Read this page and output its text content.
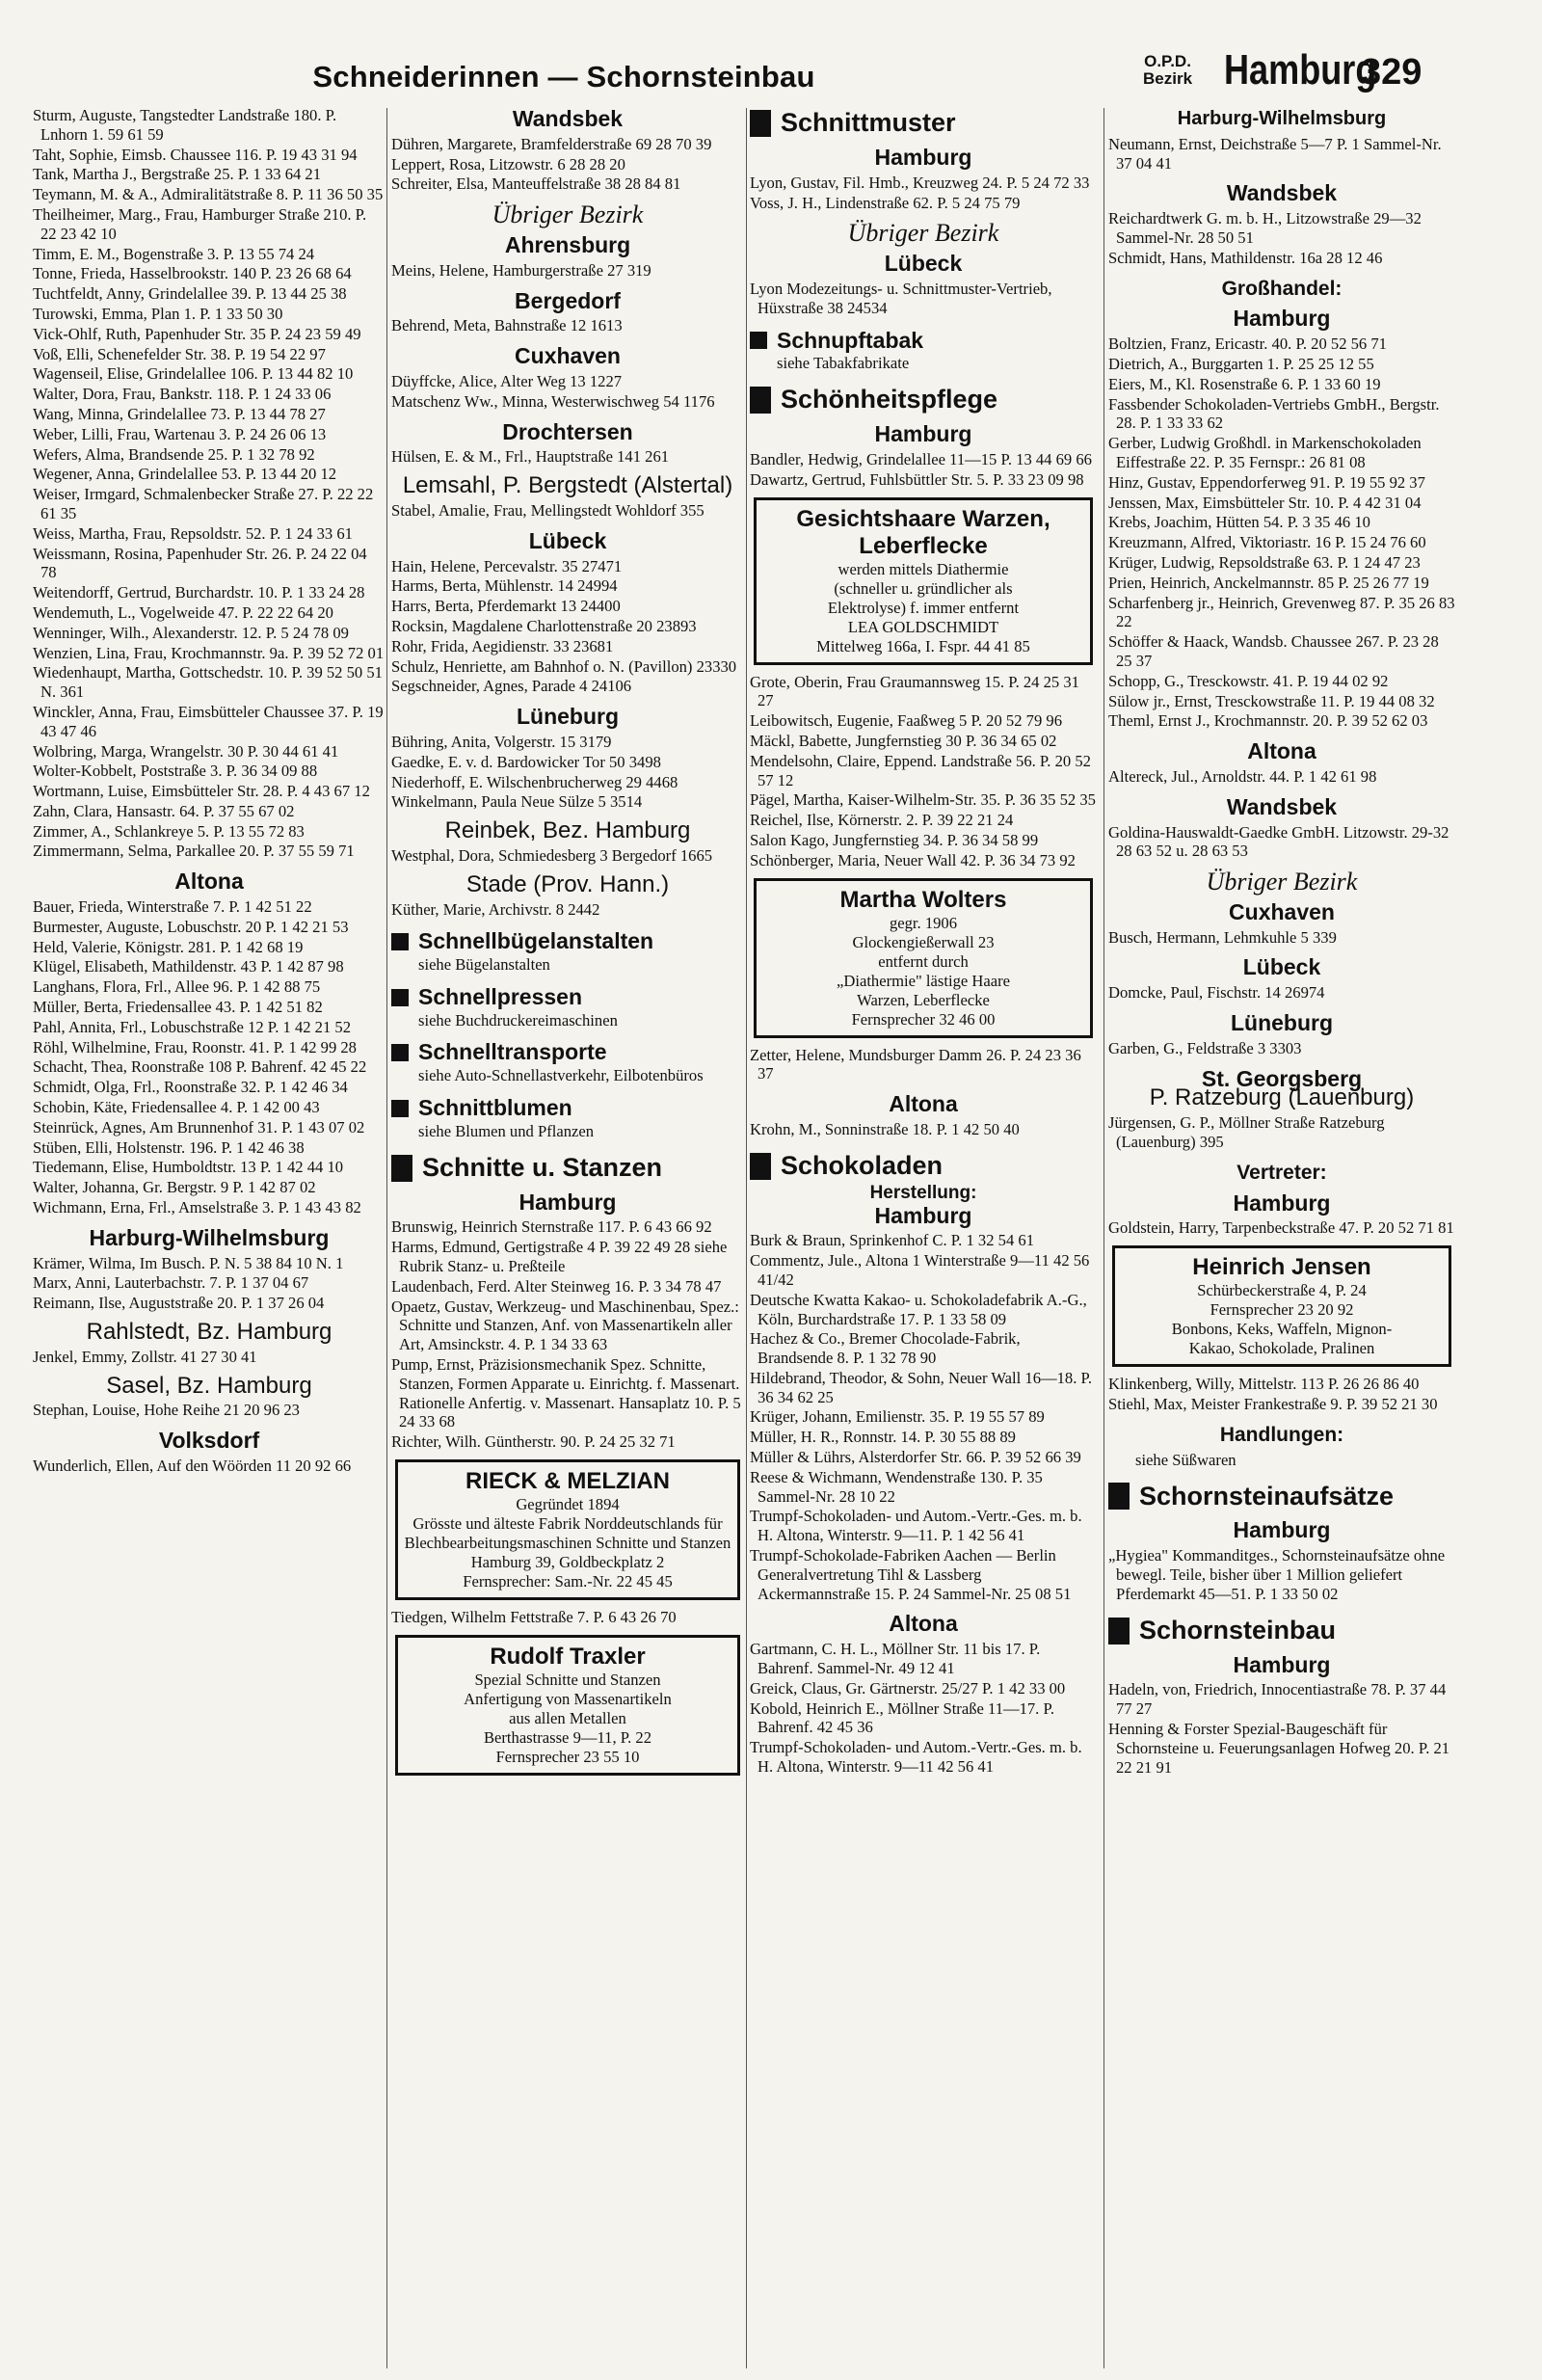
Schneiderinnen — Schornsteinbau	O.P.D.
Bezirk Hamburg
329
Sturm, Auguste, Tangstedter Landstraße 180. P. Lnhorn 1. 59 61 59
Taht, Sophie, Eimsb. Chaussee 116. P. 19 43 31 94
Tank, Martha J., Bergstraße 25. P. 1 33 64 21
Teymann, M. & A., Admiralitätstraße 8. P. 11 36 50 35
Theilheimer, Marg., Frau, Hamburger Straße 210. P. 22 23 42 10
Timm, E. M., Bogenstraße 3. P. 13 55 74 24
Tonne, Frieda, Hasselbrookstr. 140 P. 23 26 68 64
Tuchtfeldt, Anny, Grindelallee 39. P. 13 44 25 38
Turowski, Emma, Plan 1. P. 1 33 50 30
Vick-Ohlf, Ruth, Papenhuder Str. 35 P. 24 23 59 49
Voß, Elli, Schenefelder Str. 38. P. 19 54 22 97
Wagenseil, Elise, Grindelallee 106. P. 13 44 82 10
Walter, Dora, Frau, Bankstr. 118. P. 1 24 33 06
Wang, Minna, Grindelallee 73. P. 13 44 78 27
Weber, Lilli, Frau, Wartenau 3. P. 24 26 06 13
Wefers, Alma, Brandsende 25. P. 1 32 78 92
Wegener, Anna, Grindelallee 53. P. 13 44 20 12
Weiser, Irmgard, Schmalenbecker Straße 27. P. 22 22 61 35
Weiss, Martha, Frau, Repsoldstr. 52. P. 1 24 33 61
Weissmann, Rosina, Papenhuder Str. 26. P. 24 22 04 78
Weitendorff, Gertrud, Burchardstr. 10. P. 1 33 24 28
Wendemuth, L., Vogelweide 47. P. 22 22 64 20
Wenninger, Wilh., Alexanderstr. 12. P. 5 24 78 09
Wenzien, Lina, Frau, Krochmannstr. 9a. P. 39 52 72 01
Wiedenhaupt, Martha, Gottschedstr. 10. P. 39 52 50 51 N. 361
Winckler, Anna, Frau, Eimsbütteler Chaussee 37. P. 19 43 47 46
Wolbring, Marga, Wrangelstr. 30 P. 30 44 61 41
Wolter-Kobbelt, Poststraße 3. P. 36 34 09 88
Wortmann, Luise, Eimsbütteler Str. 28. P. 4 43 67 12
Zahn, Clara, Hansastr. 64. P. 37 55 67 02
Zimmer, A., Schlankreye 5. P. 13 55 72 83
Zimmermann, Selma, Parkallee 20. P. 37 55 59 71
Altona
Bauer, Frieda, Winterstraße 7. P. 1 42 51 22
Burmester, Auguste, Lobuschstr. 20 P. 1 42 21 53
Held, Valerie, Königstr. 281. P. 1 42 68 19
Klügel, Elisabeth, Mathildenstr. 43 P. 1 42 87 98
Langhans, Flora, Frl., Allee 96. P. 1 42 88 75
Müller, Berta, Friedensallee 43. P. 1 42 51 82
Pahl, Annita, Frl., Lobuschstraße 12 P. 1 42 21 52
Röhl, Wilhelmine, Frau, Roonstr. 41. P. 1 42 99 28
Schacht, Thea, Roonstraße 108 P. Bahrenf. 42 45 22
Schmidt, Olga, Frl., Roonstraße 32. P. 1 42 46 34
Schobin, Käte, Friedensallee 4. P. 1 42 00 43
Steinrück, Agnes, Am Brunnenhof 31. P. 1 43 07 02
Stüben, Elli, Holstenstr. 196. P. 1 42 46 38
Tiedemann, Elise, Humboldtstr. 13 P. 1 42 44 10
Walter, Johanna, Gr. Bergstr. 9 P. 1 42 87 02
Wichmann, Erna, Frl., Amselstraße 3. P. 1 43 43 82
Harburg-Wilhelmsburg
Krämer, Wilma, Im Busch. P. N. 5 38 84 10 N. 1
Marx, Anni, Lauterbachstr. 7. P. 1 37 04 67
Reimann, Ilse, Auguststraße 20. P. 1 37 26 04
Rahlstedt, Bz. Hamburg
Jenkel, Emmy, Zollstr. 41 27 30 41
Sasel, Bz. Hamburg
Stephan, Louise, Hohe Reihe 21 20 96 23
Volksdorf
Wunderlich, Ellen, Auf den Wöörden 11 20 92 66
Wandsbek
Dühren, Margarete, Bramfelderstraße 69 28 70 39
Leppert, Rosa, Litzowstr. 6 28 28 20
Schreiter, Elsa, Manteuffelstraße 38 28 84 81
Übriger Bezirk
Ahrensburg
Meins, Helene, Hamburgerstraße 27 319
Bergedorf
Behrend, Meta, Bahnstraße 12 1613
Cuxhaven
Düyffcke, Alice, Alter Weg 13 1227
Matschenz Ww., Minna, Westerwischweg 54 1176
Drochtersen
Hülsen, E. & M., Frl., Hauptstraße 141 261
Lemsahl, P. Bergstedt (Alstertal)
Stabel, Amalie, Frau, Mellingstedt Wohldorf 355
Lübeck
Hain, Helene, Percevalstr. 35 27471
Harms, Berta, Mühlenstr. 14 24994
Harrs, Berta, Pferdemarkt 13 24400
Rocksin, Magdalene Charlottenstraße 20 23893
Rohr, Frida, Aegidienstr. 33 23681
Schulz, Henriette, am Bahnhof o. N. (Pavillon) 23330
Segschneider, Agnes, Parade 4 24106
Lüneburg
Bühring, Anita, Volgerstr. 15 3179
Gaedke, E. v. d. Bardowicker Tor 50 3498
Niederhoff, E. Wilschenbrucherweg 29 4468
Winkelmann, Paula Neue Sülze 5 3514
Reinbek, Bez. Hamburg
Westphal, Dora, Schmiedesberg 3 Bergedorf 1665
Stade (Prov. Hann.)
Küther, Marie, Archivstr. 8 2442
Schnellbügelanstalten
siehe Bügelanstalten
Schnellpressen
siehe Buchdruckereimaschinen
Schnelltransporte
siehe Auto-Schnellastverkehr, Eilbotenbüros
Schnittblumen
siehe Blumen und Pflanzen
Schnitte u. Stanzen
Hamburg
Brunswig, Heinrich Sternstraße 117. P. 6 43 66 92
Harms, Edmund, Gertigstraße 4 P. 39 22 49 28 siehe Rubrik Stanz- u. Preßteile
Laudenbach, Ferd. Alter Steinweg 16. P. 3 34 78 47
Opaetz, Gustav, Werkzeug- und Maschinenbau, Spez.: Schnitte und Stanzen, Anf. von Massenartikeln aller Art, Amsinckstr. 4. P. 1 34 33 63
Pump, Ernst, Präzisionsmechanik Spez. Schnitte, Stanzen, Formen Apparate u. Einrichtg. f. Massenart. Rationelle Anfertig. v. Massenart. Hansaplatz 10. P. 5 24 33 68
Richter, Wilh. Güntherstr. 90. P. 24 25 32 71
RIECK & MELZIAN
Gegründet 1894
Grösste und älteste Fabrik Norddeutschlands für
Blechbearbeitungsmaschinen Schnitte und Stanzen
Hamburg 39, Goldbeckplatz 2
Fernsprecher: Sam.-Nr. 22 45 45
Tiedgen, Wilhelm Fettstraße 7. P. 6 43 26 70
Rudolf Traxler
Spezial Schnitte und Stanzen
Anfertigung von Massenartikeln
aus allen Metallen
Berthastrasse 9—11, P. 22
Fernsprecher 23 55 10
Schnittmuster
Hamburg
Lyon, Gustav, Fil. Hmb., Kreuzweg 24. P. 5 24 72 33
Voss, J. H., Lindenstraße 62. P. 5 24 75 79
Übriger Bezirk
Lübeck
Lyon Modezeitungs- u. Schnittmuster-Vertrieb, Hüxstraße 38 24534
Schnupftabak
siehe Tabakfabrikate
Schönheitspflege
Hamburg
Bandler, Hedwig, Grindelallee 11—15 P. 13 44 69 66
Dawartz, Gertrud, Fuhlsbüttler Str. 5. P. 33 23 09 98
Gesichtshaare Warzen, Leberflecke
werden mittels Diathermie
(schneller u. gründlicher als
Elektrolyse) f. immer entfernt
LEA GOLDSCHMIDT
Mittelweg 166a, I. Fspr. 44 41 85
Grote, Oberin, Frau Graumannsweg 15. P. 24 25 31 27
Leibowitsch, Eugenie, Faaßweg 5 P. 20 52 79 96
Mäckl, Babette, Jungfernstieg 30 P. 36 34 65 02
Mendelsohn, Claire, Eppend. Landstraße 56. P. 20 52 57 12
Pägel, Martha, Kaiser-Wilhelm-Str. 35. P. 36 35 52 35
Reichel, Ilse, Körnerstr. 2. P. 39 22 21 24
Salon Kago, Jungfernstieg 34. P. 36 34 58 99
Schönberger, Maria, Neuer Wall 42. P. 36 34 73 92
Martha Wolters
gegr. 1906
Glockengießerwall 23
entfernt durch
„Diathermie" lästige Haare
Warzen, Leberflecke
Fernsprecher 32 46 00
Zetter, Helene, Mundsburger Damm 26. P. 24 23 36 37
Altona
Krohn, M., Sonninstraße 18. P. 1 42 50 40
Schokoladen
Herstellung:
Hamburg
Burk & Braun, Sprinkenhof C. P. 1 32 54 61
Commentz, Jule., Altona 1 Winterstraße 9—11 42 56 41/42
Deutsche Kwatta Kakao- u. Schokoladefabrik A.-G., Köln, Burchardstraße 17. P. 1 33 58 09
Hachez & Co., Bremer Chocolade-Fabrik, Brandsende 8. P. 1 32 78 90
Hildebrand, Theodor, & Sohn, Neuer Wall 16—18. P. 36 34 62 25
Krüger, Johann, Emilienstr. 35. P. 19 55 57 89
Müller, H. R., Ronnstr. 14. P. 30 55 88 89
Müller & Lührs, Alsterdorfer Str. 66. P. 39 52 66 39
Reese & Wichmann, Wendenstraße 130. P. 35 Sammel-Nr. 28 10 22
Trumpf-Schokoladen- und Autom.-Vertr.-Ges. m. b. H. Altona, Winterstr. 9—11. P. 1 42 56 41
Trumpf-Schokolade-Fabriken Aachen — Berlin Generalvertretung Tihl & Lassberg Ackermannstraße 15. P. 24 Sammel-Nr. 25 08 51
Altona
Gartmann, C. H. L., Möllner Str. 11 bis 17. P. Bahrenf. Sammel-Nr. 49 12 41
Greick, Claus, Gr. Gärtnerstr. 25/27 P. 1 42 33 00
Kobold, Heinrich E., Möllner Straße 11—17. P. Bahrenf. 42 45 36
Trumpf-Schokoladen- und Autom.-Vertr.-Ges. m. b. H. Altona, Winterstr. 9—11 42 56 41
Harburg-Wilhelmsburg
Neumann, Ernst, Deichstraße 5—7 P. 1 Sammel-Nr. 37 04 41
Wandsbek
Reichardtwerk G. m. b. H., Litzowstraße 29—32 Sammel-Nr. 28 50 51
Schmidt, Hans, Mathildenstr. 16a 28 12 46
Großhandel:
Hamburg
Boltzien, Franz, Ericastr. 40. P. 20 52 56 71
Dietrich, A., Burggarten 1. P. 25 25 12 55
Eiers, M., Kl. Rosenstraße 6. P. 1 33 60 19
Fassbender Schokoladen-Vertriebs GmbH., Bergstr. 28. P. 1 33 33 62
Gerber, Ludwig Großhdl. in Markenschokoladen Eiffestraße 22. P. 35 Fernspr.: 26 81 08
Hinz, Gustav, Eppendorferweg 91. P. 19 55 92 37
Jenssen, Max, Eimsbütteler Str. 10. P. 4 42 31 04
Krebs, Joachim, Hütten 54. P. 3 35 46 10
Kreuzmann, Alfred, Viktoriastr. 16 P. 15 24 76 60
Krüger, Ludwig, Repsoldstraße 63. P. 1 24 47 23
Prien, Heinrich, Anckelmannstr. 85 P. 25 26 77 19
Scharfenberg jr., Heinrich, Grevenweg 87. P. 35 26 83 22
Schöffer & Haack, Wandsb. Chaussee 267. P. 23 28 25 37
Schopp, G., Tresckowstr. 41. P. 19 44 02 92
Sülow jr., Ernst, Tresckowstraße 11. P. 19 44 08 32
Theml, Ernst J., Krochmannstr. 20. P. 39 52 62 03
Altona
Altereck, Jul., Arnoldstr. 44. P. 1 42 61 98
Wandsbek
Goldina-Hauswaldt-Gaedke GmbH. Litzowstr. 29-32 28 63 52 u. 28 63 53
Übriger Bezirk
Cuxhaven
Busch, Hermann, Lehmkuhle 5 339
Lübeck
Domcke, Paul, Fischstr. 14 26974
Lüneburg
Garben, G., Feldstraße 3 3303
St. Georgsberg
P. Ratzeburg (Lauenburg)
Jürgensen, G. P., Möllner Straße Ratzeburg (Lauenburg) 395
Vertreter:
Hamburg
Goldstein, Harry, Tarpenbeckstraße 47. P. 20 52 71 81
Heinrich Jensen
Schürbeckerstraße 4, P. 24
Fernsprecher 23 20 92
Bonbons, Keks, Waffeln, Mignon-
Kakao, Schokolade, Pralinen
Klinkenberg, Willy, Mittelstr. 113 P. 26 26 86 40
Stiehl, Max, Meister Frankestraße 9. P. 39 52 21 30
Handlungen:
siehe Süßwaren
Schornsteinaufsätze
Hamburg
„Hygiea" Kommanditges., Schornsteinaufsätze ohne bewegl. Teile, bisher über 1 Million geliefert Pferdemarkt 45—51. P. 1 33 50 02
Schornsteinbau
Hamburg
Hadeln, von, Friedrich, Innocentiastraße 78. P. 37 44 77 27
Henning & Forster Spezial-Baugeschäft für Schornsteine u. Feuerungsanlagen Hofweg 20. P. 21 22 21 91
